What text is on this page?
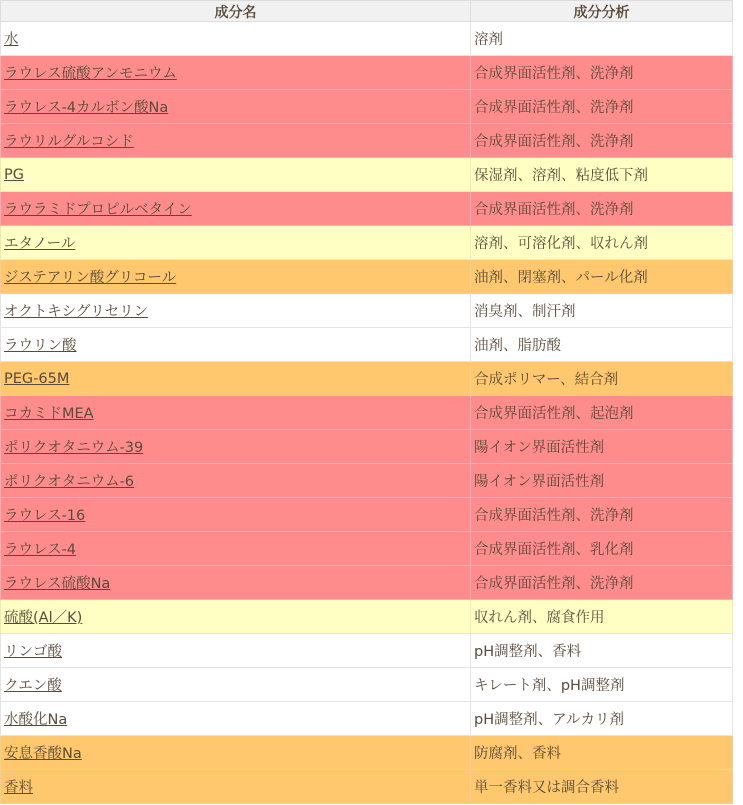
成分名	成分分析
水	溶剤
ラウレス硫酸アンモニウム	合成界面活性剤、洗浄剤
ラウレス-4カルボン酸Na	合成界面活性剤、洗浄剤
ラウリルグルコシド	合成界面活性剤、洗浄剤
PG	保湿剤、溶剤、粘度低下剤
ラウラミドプロピルベタイン	合成界面活性剤、洗浄剤
エタノール	溶剤、可溶化剤、収れん剤
ジステアリン酸グリコール	油剤、閉塞剤、パール化剤
オクトキシグリセリン	消臭剤、制汗剤
ラウリン酸	油剤、脂肪酸
PEG-65M	合成ポリマー、結合剤
コカミドMEA	合成界面活性剤、起泡剤
ポリクオタニウム-39	陽イオン界面活性剤
ポリクオタニウム-6	陽イオン界面活性剤
ラウレス-16	合成界面活性剤、洗浄剤
ラウレス-4	合成界面活性剤、乳化剤
ラウレス硫酸Na	合成界面活性剤、洗浄剤
硫酸(Al／K)	収れん剤、腐食作用
リンゴ酸	pH調整剤、香料
クエン酸	キレート剤、pH調整剤
水酸化Na	pH調整剤、アルカリ剤
安息香酸Na	防腐剤、香料
香料	単一香料又は調合香料
